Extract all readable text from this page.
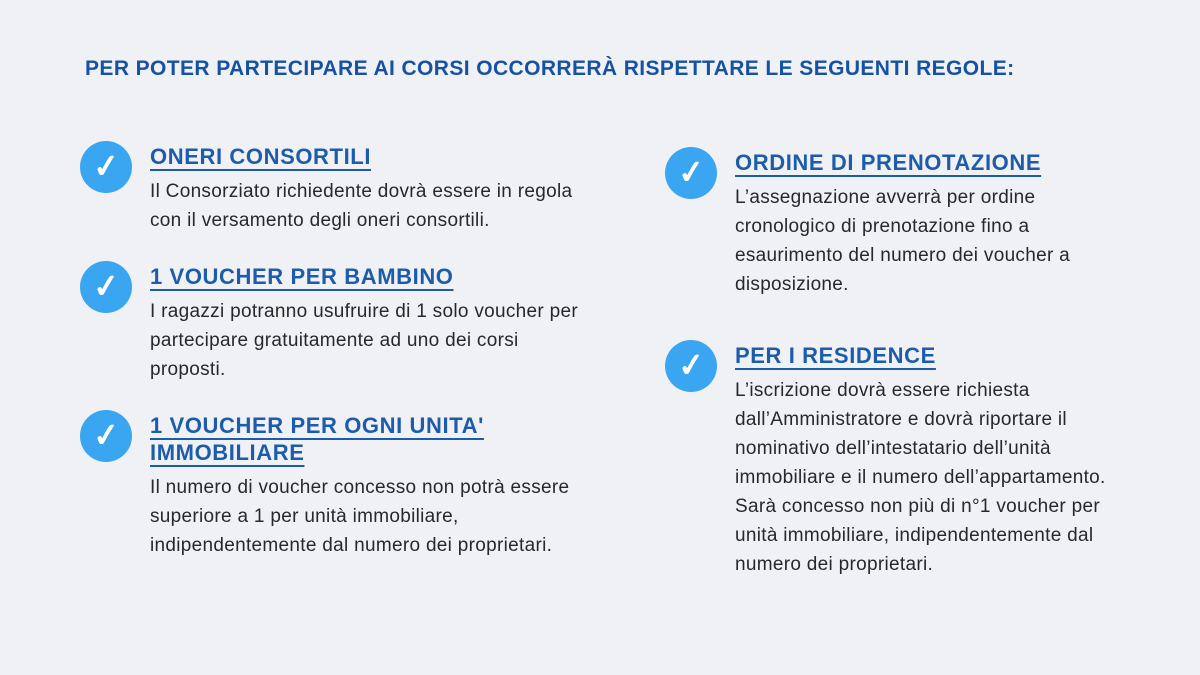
PER POTER PARTECIPARE AI CORSI OCCORRERÀ RISPETTARE LE SEGUENTI REGOLE:
✓ ONERI CONSORTILI

Il Consorziato richiedente dovrà essere in regola con il versamento degli oneri consortili.

✓ 1 VOUCHER PER BAMBINO

I ragazzi potranno usufruire di 1 solo voucher per partecipare gratuitamente ad uno dei corsi proposti.

✓ 1 VOUCHER PER OGNI UNITA' IMMOBILIARE

Il numero di voucher concesso non potrà essere superiore a 1 per unità immobiliare, indipendentemente dal numero dei proprietari.

✓ ORDINE DI PRENOTAZIONE

L’assegnazione avverrà per ordine cronologico di prenotazione fino a esaurimento del numero dei voucher a disposizione.

✓ PER I RESIDENCE

L’iscrizione dovrà essere richiesta dall’Amministratore e dovrà riportare il nominativo dell’intestatario dell’unità immobiliare e il numero dell’appartamento. Sarà concesso non più di n°1 voucher per unità immobiliare, indipendentemente dal numero dei proprietari.
